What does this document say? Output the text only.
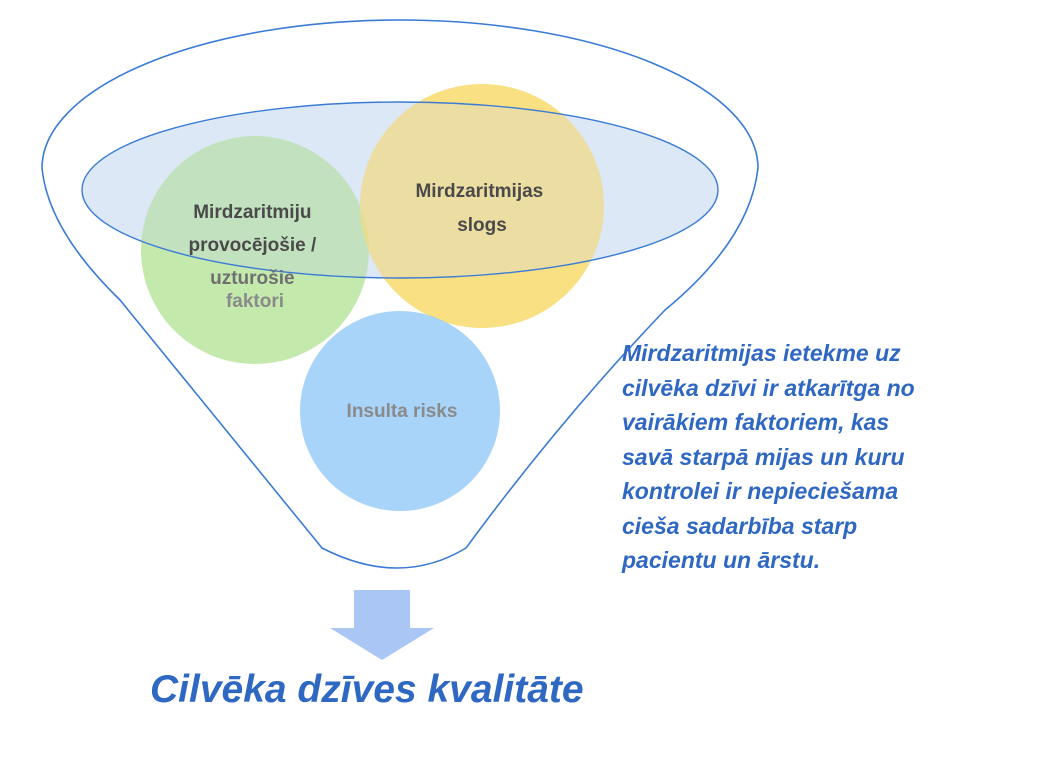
Mirdzaritmiju provocējošie / uzturošie faktori
Mirdzaritmijas slogs
Insulta risks

Mirdzaritmijas ietekme uz
cilvēka dzīvi ir atkarītga no
vairākiem faktoriem, kas
savā starpā mijas un kuru
kontrolei ir nepieciešama
cieša sadarbība starp
pacientu un ārstu.

Cilvēka dzīves kvalitāte
